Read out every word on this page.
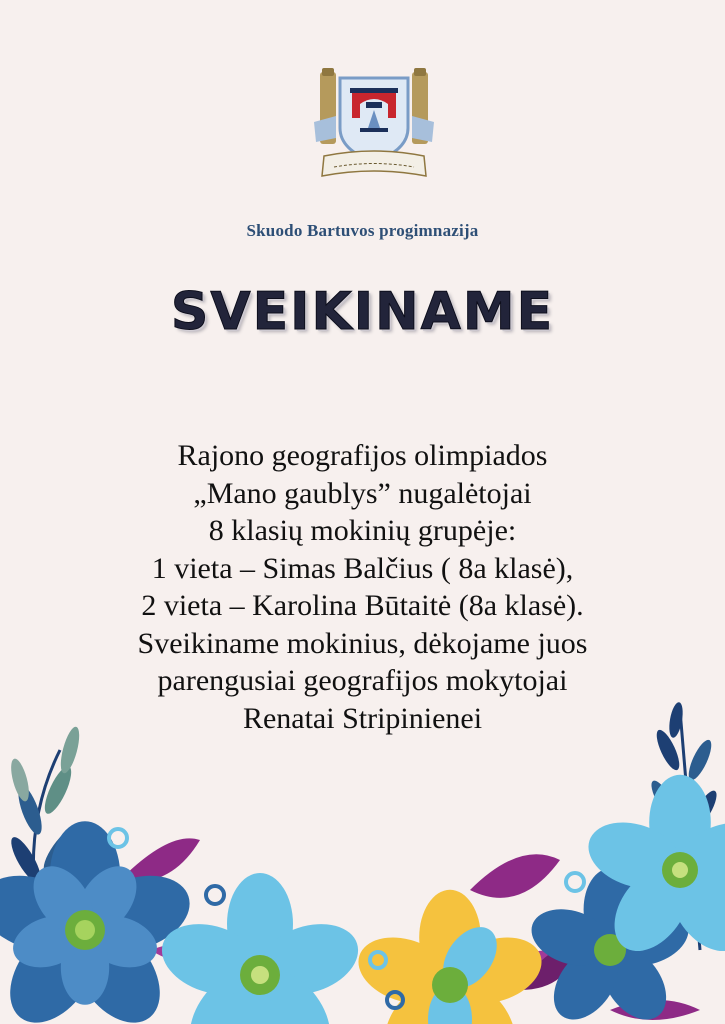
Skuodo Bartuvos progimnazija
SVEIKINAME
Rajono geografijos olimpiados
„Mano gaublys” nugalėtojai
8 klasių mokinių grupėje:
1 vieta – Simas Balčius ( 8a klasė),
2 vieta – Karolina Būtaitė (8a klasė).
Sveikiname mokinius, dėkojame juos
parengusiai geografijos mokytojai
Renatai Stripinienei
